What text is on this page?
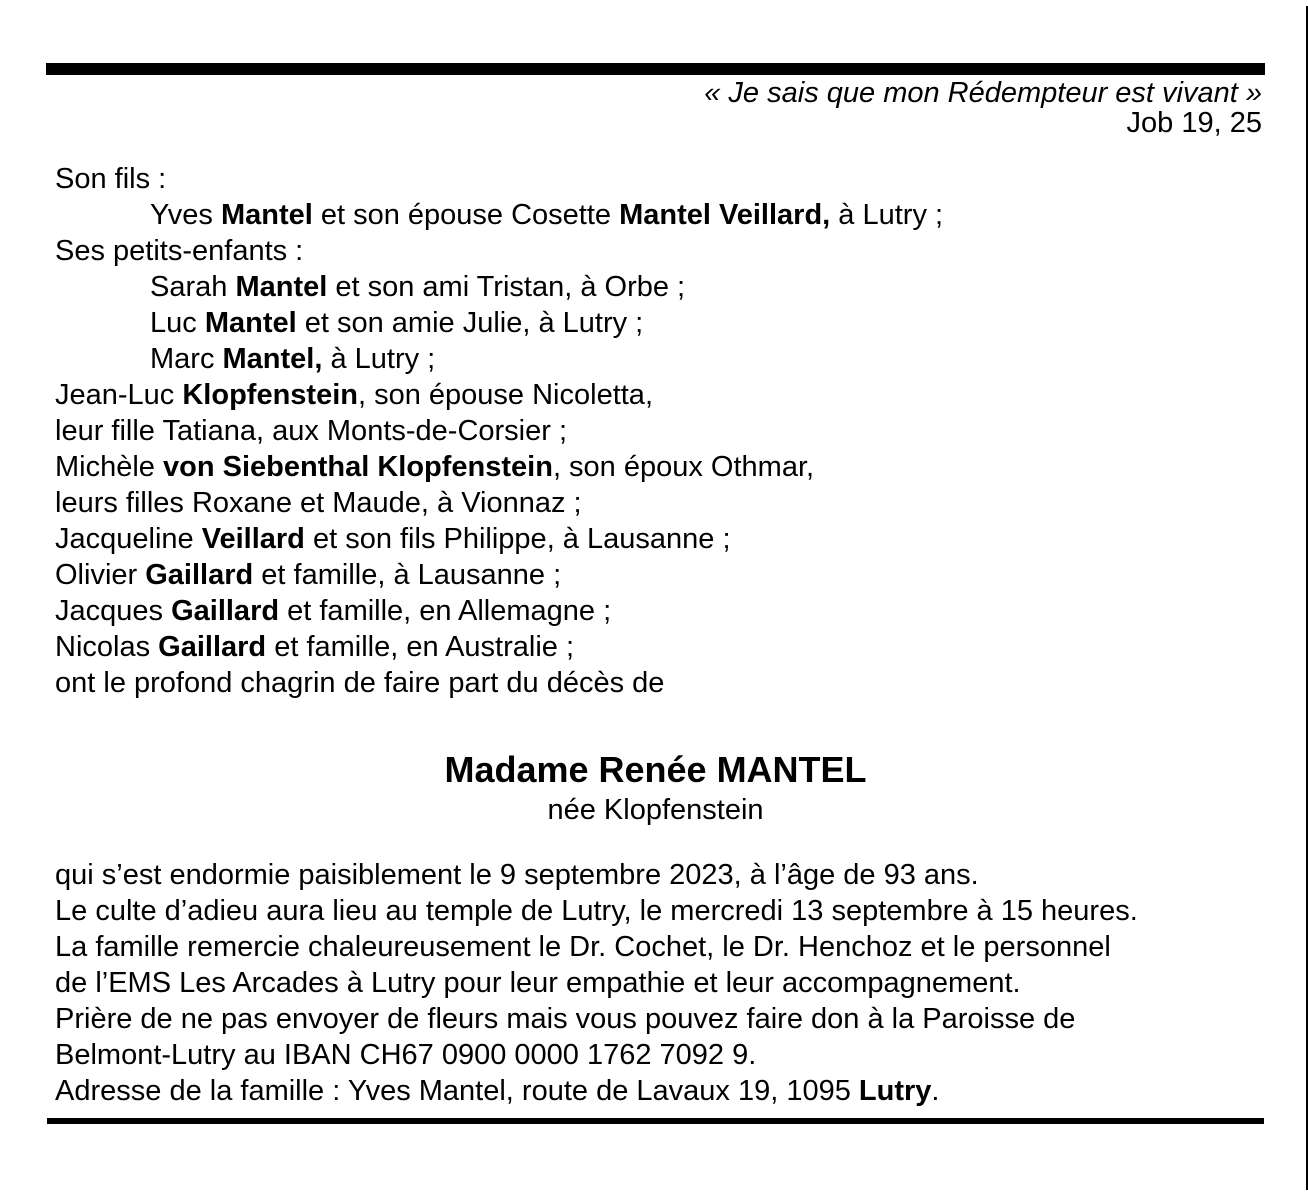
« Je sais que mon Rédempteur est vivant »
Job 19, 25
Son fils :
Yves Mantel et son épouse Cosette Mantel Veillard, à Lutry ;
Ses petits-enfants :
Sarah Mantel et son ami Tristan, à Orbe ;
Luc Mantel et son amie Julie, à Lutry ;
Marc Mantel, à Lutry ;
Jean-Luc Klopfenstein, son épouse Nicoletta,
leur fille Tatiana, aux Monts-de-Corsier ;
Michèle von Siebenthal Klopfenstein, son époux Othmar,
leurs filles Roxane et Maude, à Vionnaz ;
Jacqueline Veillard et son fils Philippe, à Lausanne ;
Olivier Gaillard et famille, à Lausanne ;
Jacques Gaillard et famille, en Allemagne ;
Nicolas Gaillard et famille, en Australie ;
ont le profond chagrin de faire part du décès de
Madame Renée MANTEL
née Klopfenstein
qui s’est endormie paisiblement le 9 septembre 2023, à l’âge de 93 ans.
Le culte d’adieu aura lieu au temple de Lutry, le mercredi 13 septembre à 15 heures.
La famille remercie chaleureusement le Dr. Cochet, le Dr. Henchoz et le personnel
de l’EMS Les Arcades à Lutry pour leur empathie et leur accompagnement.
Prière de ne pas envoyer de fleurs mais vous pouvez faire don à la Paroisse de
Belmont-Lutry au IBAN CH67 0900 0000 1762 7092 9.
Adresse de la famille : Yves Mantel, route de Lavaux 19, 1095 Lutry.
